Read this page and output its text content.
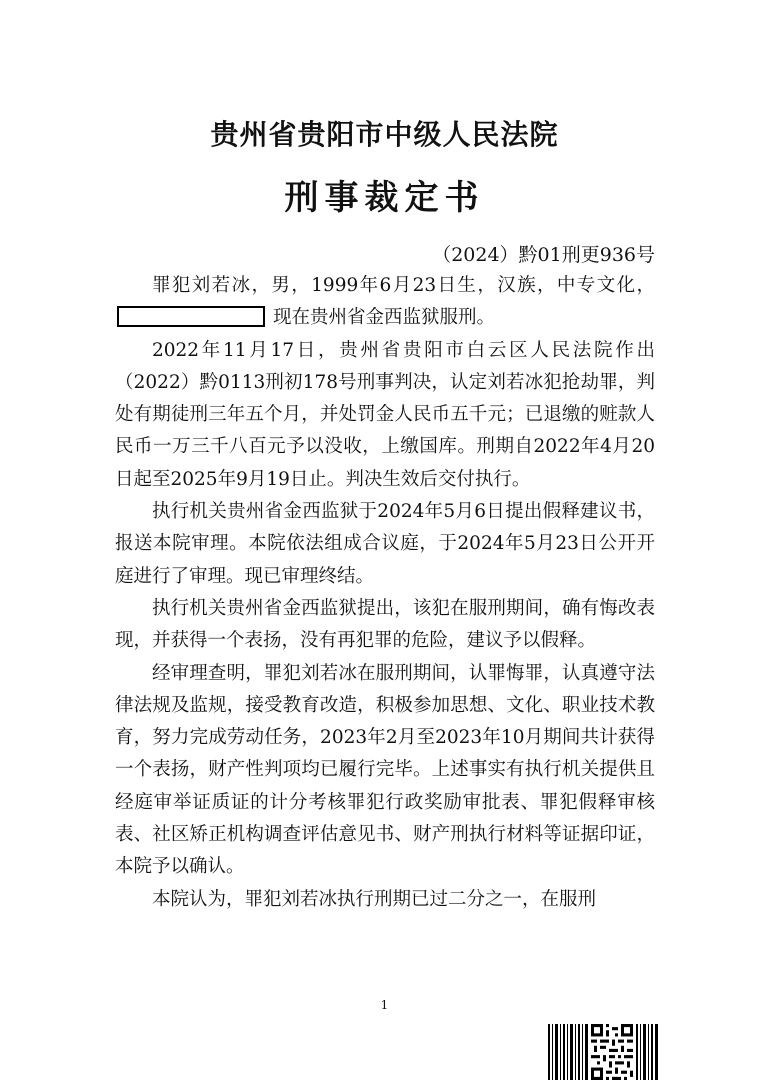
贵州省贵阳市中级人民法院
刑事裁定书

（2024）黔01刑更936号

罪犯刘若冰，男，1999年6月23日生，汉族，中专文化，现在贵州省金西监狱服刑。

2022年11月17日，贵州省贵阳市白云区人民法院作出（2022）黔0113刑初178号刑事判决，认定刘若冰犯抢劫罪，判处有期徒刑三年五个月，并处罚金人民币五千元；已退缴的赃款人民币一万三千八百元予以没收，上缴国库。刑期自2022年4月20日起至2025年9月19日止。判决生效后交付执行。

执行机关贵州省金西监狱于2024年5月6日提出假释建议书，报送本院审理。本院依法组成合议庭，于2024年5月23日公开开庭进行了审理。现已审理终结。

执行机关贵州省金西监狱提出，该犯在服刑期间，确有悔改表现，并获得一个表扬，没有再犯罪的危险，建议予以假释。

经审理查明，罪犯刘若冰在服刑期间，认罪悔罪，认真遵守法律法规及监规，接受教育改造，积极参加思想、文化、职业技术教育，努力完成劳动任务，2023年2月至2023年10月期间共计获得一个表扬，财产性判项均已履行完毕。上述事实有执行机关提供且经庭审举证质证的计分考核罪犯行政奖励审批表、罪犯假释审核表、社区矫正机构调查评估意见书、财产刑执行材料等证据印证，本院予以确认。

本院认为，罪犯刘若冰执行刑期已过二分之一，在服刑

1
